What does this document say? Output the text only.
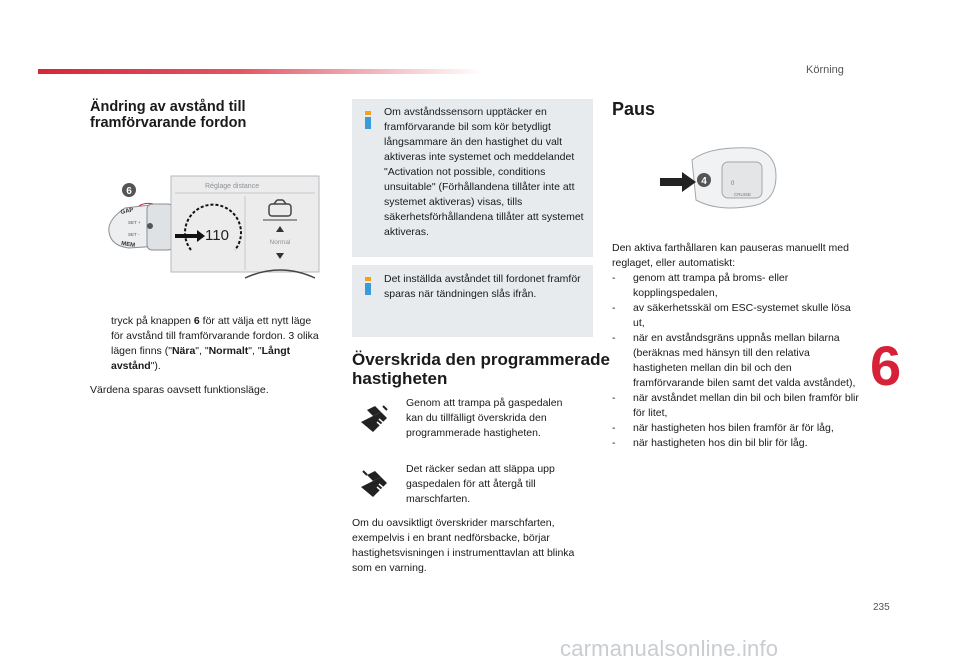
Körning
Ändring av avstånd till framförvarande fordon
GAP
SET +
SET -
MEM
6	Réglage distance
110	Normal
tryck på knappen 6 för att välja ett nytt läge för avstånd till framförvarande fordon. 3 olika lägen finns ("Nära", "Normalt", "Långt avstånd").
Värdena sparas oavsett funktionsläge.
Om avståndssensorn upptäcker en framförvarande bil som kör betydligt långsammare än den hastighet du valt aktiveras inte systemet och meddelandet "Activation not possible, conditions unsuitable" (Förhållandena tillåter inte att systemet aktiveras) visas, tills säkerhetsförhållandena tillåter att systemet aktiveras.
Det inställda avståndet till fordonet framför sparas när tändningen slås ifrån.
Överskrida den programmerade hastigheten
Genom att trampa på gaspedalen kan du tillfälligt överskrida den programmerade hastigheten.
Det räcker sedan att släppa upp gaspedalen för att återgå till marschfarten.
Om du oavsiktligt överskrider marschfarten, exempelvis i en brant nedförsbacke, börjar hastighetsvisningen i instrumenttavlan att blinka som en varning.
Paus
0
CRUISE
4
Den aktiva farthållaren kan pauseras manuellt med reglaget, eller automatiskt:
- genom att trampa på broms- eller kopplingspedalen,
- av säkerhetsskäl om ESC-systemet skulle lösa ut,
- när en avståndsgräns uppnås mellan bilarna (beräknas med hänsyn till den relativa hastigheten mellan din bil och den framförvarande bilen samt det valda avståndet),
- när avståndet mellan din bil och bilen framför blir för litet,
- när hastigheten hos bilen framför är för låg,
- när hastigheten hos din bil blir för låg.
6
235
carmanualsonline.info
